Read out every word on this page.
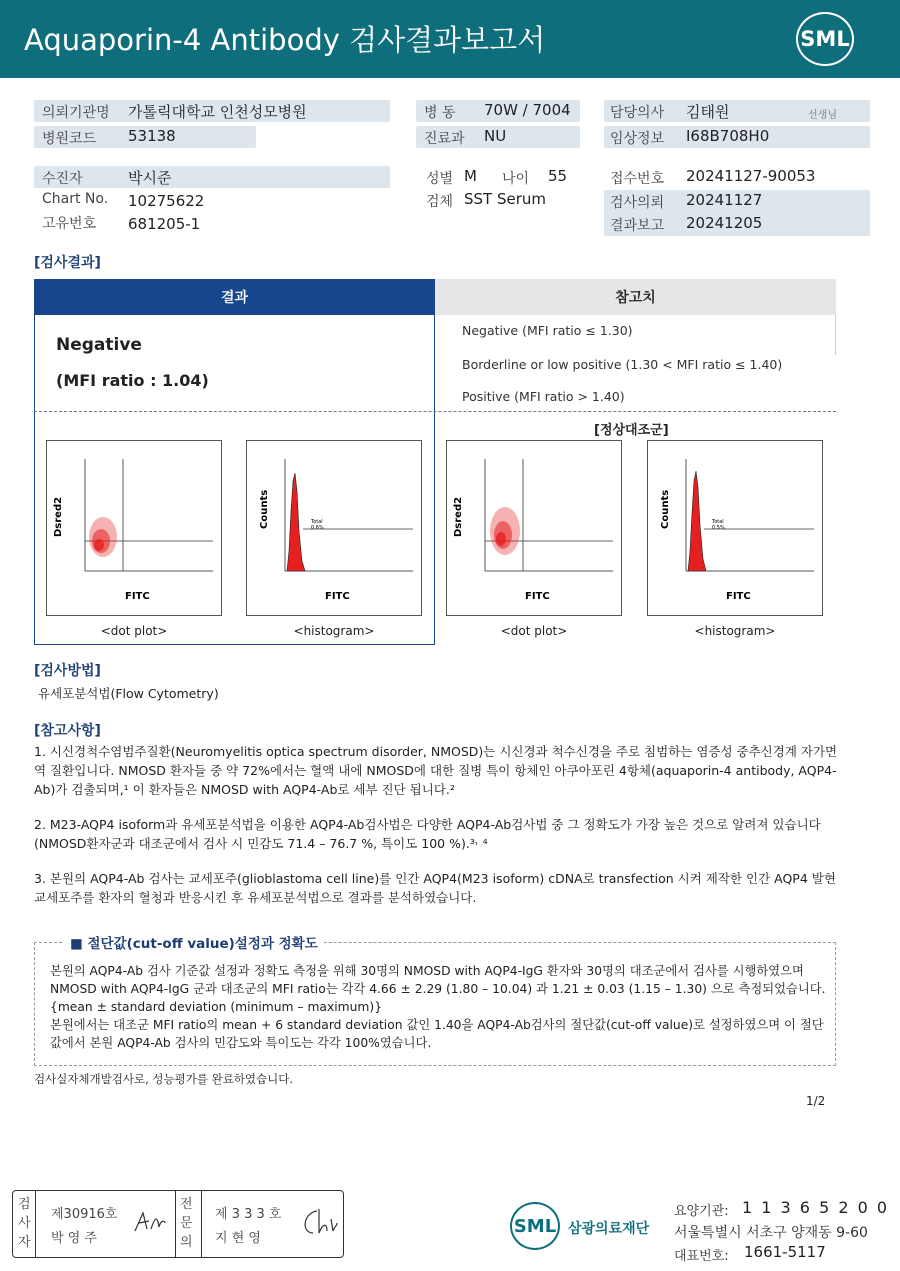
Aquaporin-4 Antibody 검사결과보고서	SML
의뢰기관명 가톨릭대학교 인천성모병원
병원코드 53138
병 동 70W / 7004
진료과 NU
담당의사 김태원	선생님
임상정보 I68B708H0
수진자	박시준
Chart No. 10275622
고유번호 681205-1
성별 M 나이 55
검체 SST Serum
접수번호 20241127-90053
검사의뢰 20241127
결과보고 20241205
[검사결과]
결과	참고치
Negative
(MFI ratio : 1.04)
Negative (MFI ratio ≤ 1.30)
Borderline or low positive (1.30 < MFI ratio ≤ 1.40)
Positive (MFI ratio > 1.40)
[정상대조군]
Dsred2
FITC
Total
0.6%
Counts
FITC
Dsred2
FITC
Total
0.5%
Counts
FITC
<dot plot>	<histogram>	<dot plot>	<histogram>
[검사방법]
유세포분석법(Flow Cytometry)
[참고사항]
1. 시신경척수염범주질환(Neuromyelitis optica spectrum disorder, NMOSD)는 시신경과 척수신경을 주로 침범하는 염증성 중추신경계 자가면역 질환입니다. NMOSD 환자들 중 약 72%에서는 혈액 내에 NMOSD에 대한 질병 특이 항체인 아쿠아포린 4항체(aquaporin-4 antibody, AQP4-Ab)가 검출되며,¹ 이 환자들은 NMOSD with AQP4-Ab로 세부 진단 됩니다.²
2. M23-AQP4 isoform과 유세포분석법을 이용한 AQP4-Ab검사법은 다양한 AQP4-Ab검사법 중 그 정확도가 가장 높은 것으로 알려져 있습니다(NMOSD환자군과 대조군에서 검사 시 민감도 71.4 – 76.7 %, 특이도 100 %).³˒ ⁴
3. 본원의 AQP4-Ab 검사는 교세포주(glioblastoma cell line)를 인간 AQP4(M23 isoform) cDNA로 transfection 시켜 제작한 인간 AQP4 발현 교세포주를 환자의 혈청과 반응시킨 후 유세포분석법으로 결과를 분석하였습니다.
■ 절단값(cut-off value)설정과 정확도
본원의 AQP4-Ab 검사 기준값 설정과 정확도 측정을 위해 30명의 NMOSD with AQP4-IgG 환자와 30명의 대조군에서 검사를 시행하였으며 NMOSD with AQP4-IgG 군과 대조군의 MFI ratio는 각각 4.66 ± 2.29 (1.80 – 10.04) 과 1.21 ± 0.03 (1.15 – 1.30) 으로 측정되었습니다. {mean ± standard deviation (minimum – maximum)}
본원에서는 대조군 MFI ratio의 mean + 6 standard deviation 값인 1.40을 AQP4-Ab검사의 절단값(cut-off value)로 설정하였으며 이 절단값에서 본원 AQP4-Ab 검사의 민감도와 특이도는 각각 100%였습니다.
검사실자체개발검사로, 성능평가를 완료하였습니다.
1/2
검
사
자
제30916호
박 영 주
전
문
의
제 3 3 3 호
지 현 영
SML 삼광의료재단
요양기관: 1 1 3 6 5 2 0 0
서울특별시 서초구 양재동 9-60
대표번호: 1661-5117
